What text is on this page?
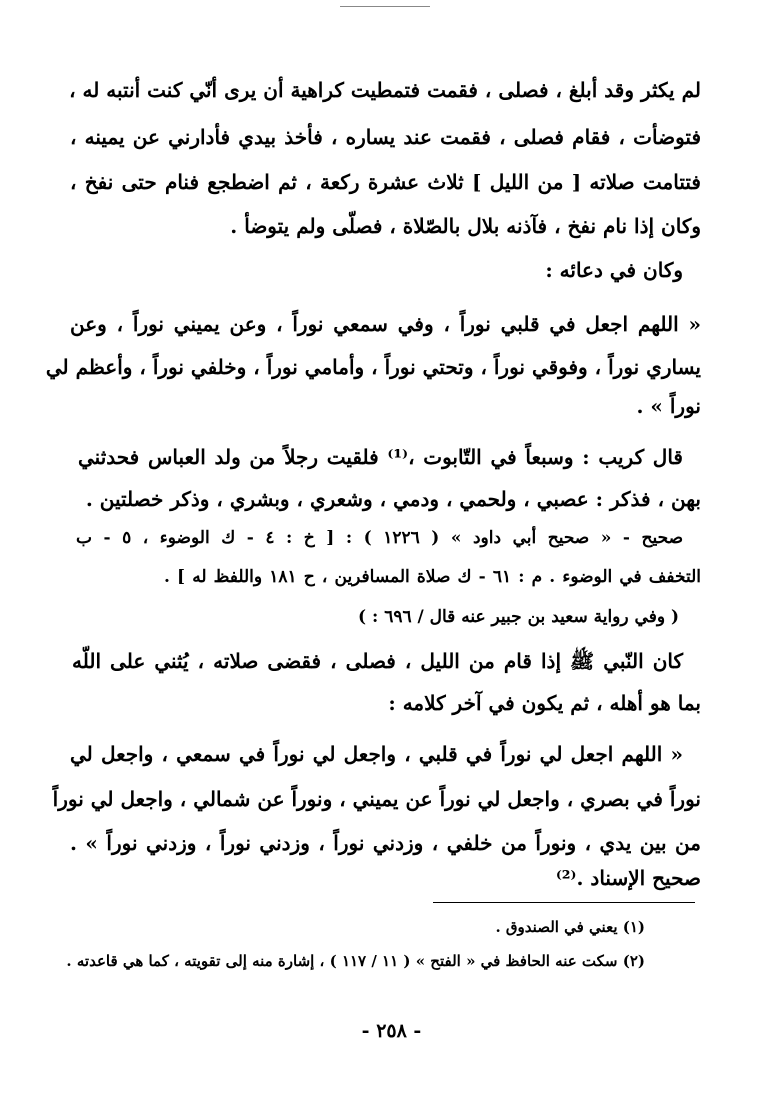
لم يكثر وقد أبلغ ، فصلى ، فقمت فتمطيت كراهية أن يرى أنّي كنت أنتبه له ،
فتوضأت ، فقام فصلى ، فقمت عند يساره ، فأخذ بيدي فأدارني عن يمينه ،
فتتامت صلاته [ من الليل ] ثلاث عشرة ركعة ، ثم اضطجع فنام حتى نفخ ،
وكان إذا نام نفخ ، فآذنه بلال بالصّلاة ، فصلّى ولم يتوضأ .
وكان في دعائه :
« اللهم اجعل في قلبي نوراً ، وفي سمعي نوراً ، وعن يميني نوراً ، وعن
يساري نوراً ، وفوقي نوراً ، وتحتي نوراً ، وأمامي نوراً ، وخلفي نوراً ، وأعظم لي
نوراً » .
قال كريب : وسبعاً في التّابوت ،⁽¹⁾ فلقيت رجلاً من ولد العباس فحدثني
بهن ، فذكر : عصبي ، ولحمي ، ودمي ، وشعري ، وبشري ، وذكر خصلتين .
صحيح - « صحيح أبي داود » ( ١٢٢٦ ) : [ خ : ٤ - ك الوضوء ، ٥ - ب
التخفف في الوضوء . م : ٦١ - ك صلاة المسافرين ، ح ١٨١ واللفظ له ] .
( وفي رواية سعيد بن جبير عنه قال / ٦٩٦ : )
كان النّبي ﷺ إذا قام من الليل ، فصلى ، فقضى صلاته ، يُثني على اللّه
بما هو أهله ، ثم يكون في آخر كلامه :
« اللهم اجعل لي نوراً في قلبي ، واجعل لي نوراً في سمعي ، واجعل لي
نوراً في بصري ، واجعل لي نوراً عن يميني ، ونوراً عن شمالي ، واجعل لي نوراً
من بين يدي ، ونوراً من خلفي ، وزدني نوراً ، وزدني نوراً ، وزدني نوراً » .
صحيح الإسناد .⁽²⁾
(١) يعني في الصندوق .
(٢) سكت عنه الحافظ في « الفتح » ( ١١ / ١١٧ ) ، إشارة منه إلى تقويته ، كما هي قاعدته .
- ٢٥٨ -
